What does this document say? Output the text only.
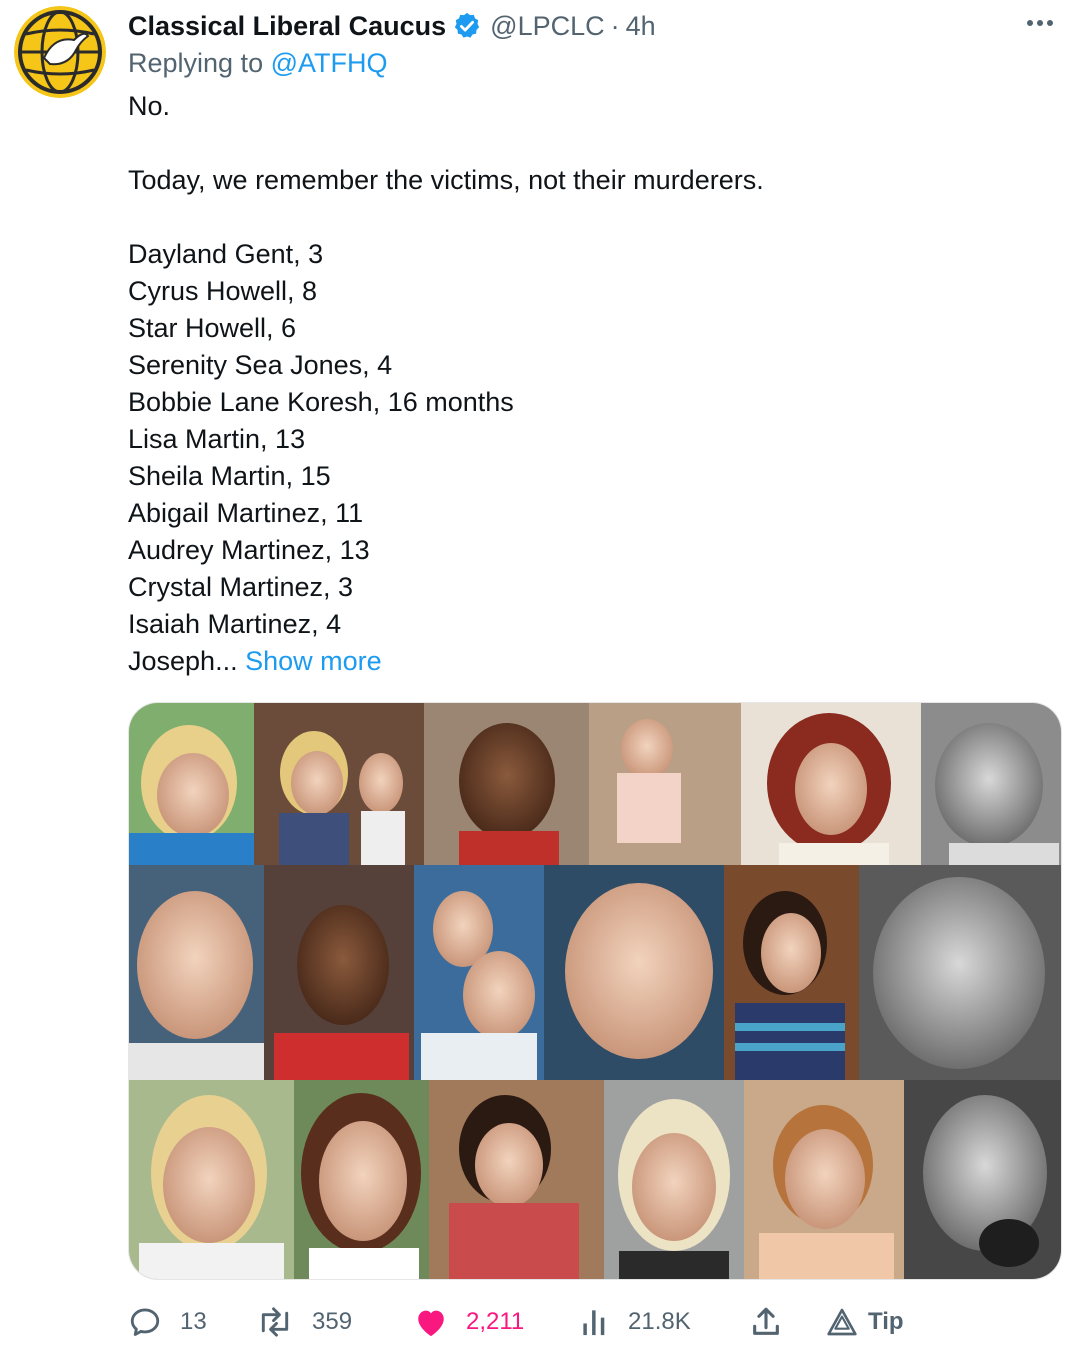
Classical Liberal Caucus @LPCLC · 4h
Replying to @ATFHQ

No.

Today, we remember the victims, not their murderers.

Dayland Gent, 3

Cyrus Howell, 8

Star Howell, 6

Serenity Sea Jones, 4

Bobbie Lane Koresh, 16 months

Lisa Martin, 13

Sheila Martin, 15

Abigail Martinez, 11

Audrey Martinez, 13

Crystal Martinez, 3

Isaiah Martinez, 4

Joseph... Show more

13	359	2,211	21.8K	Tip
